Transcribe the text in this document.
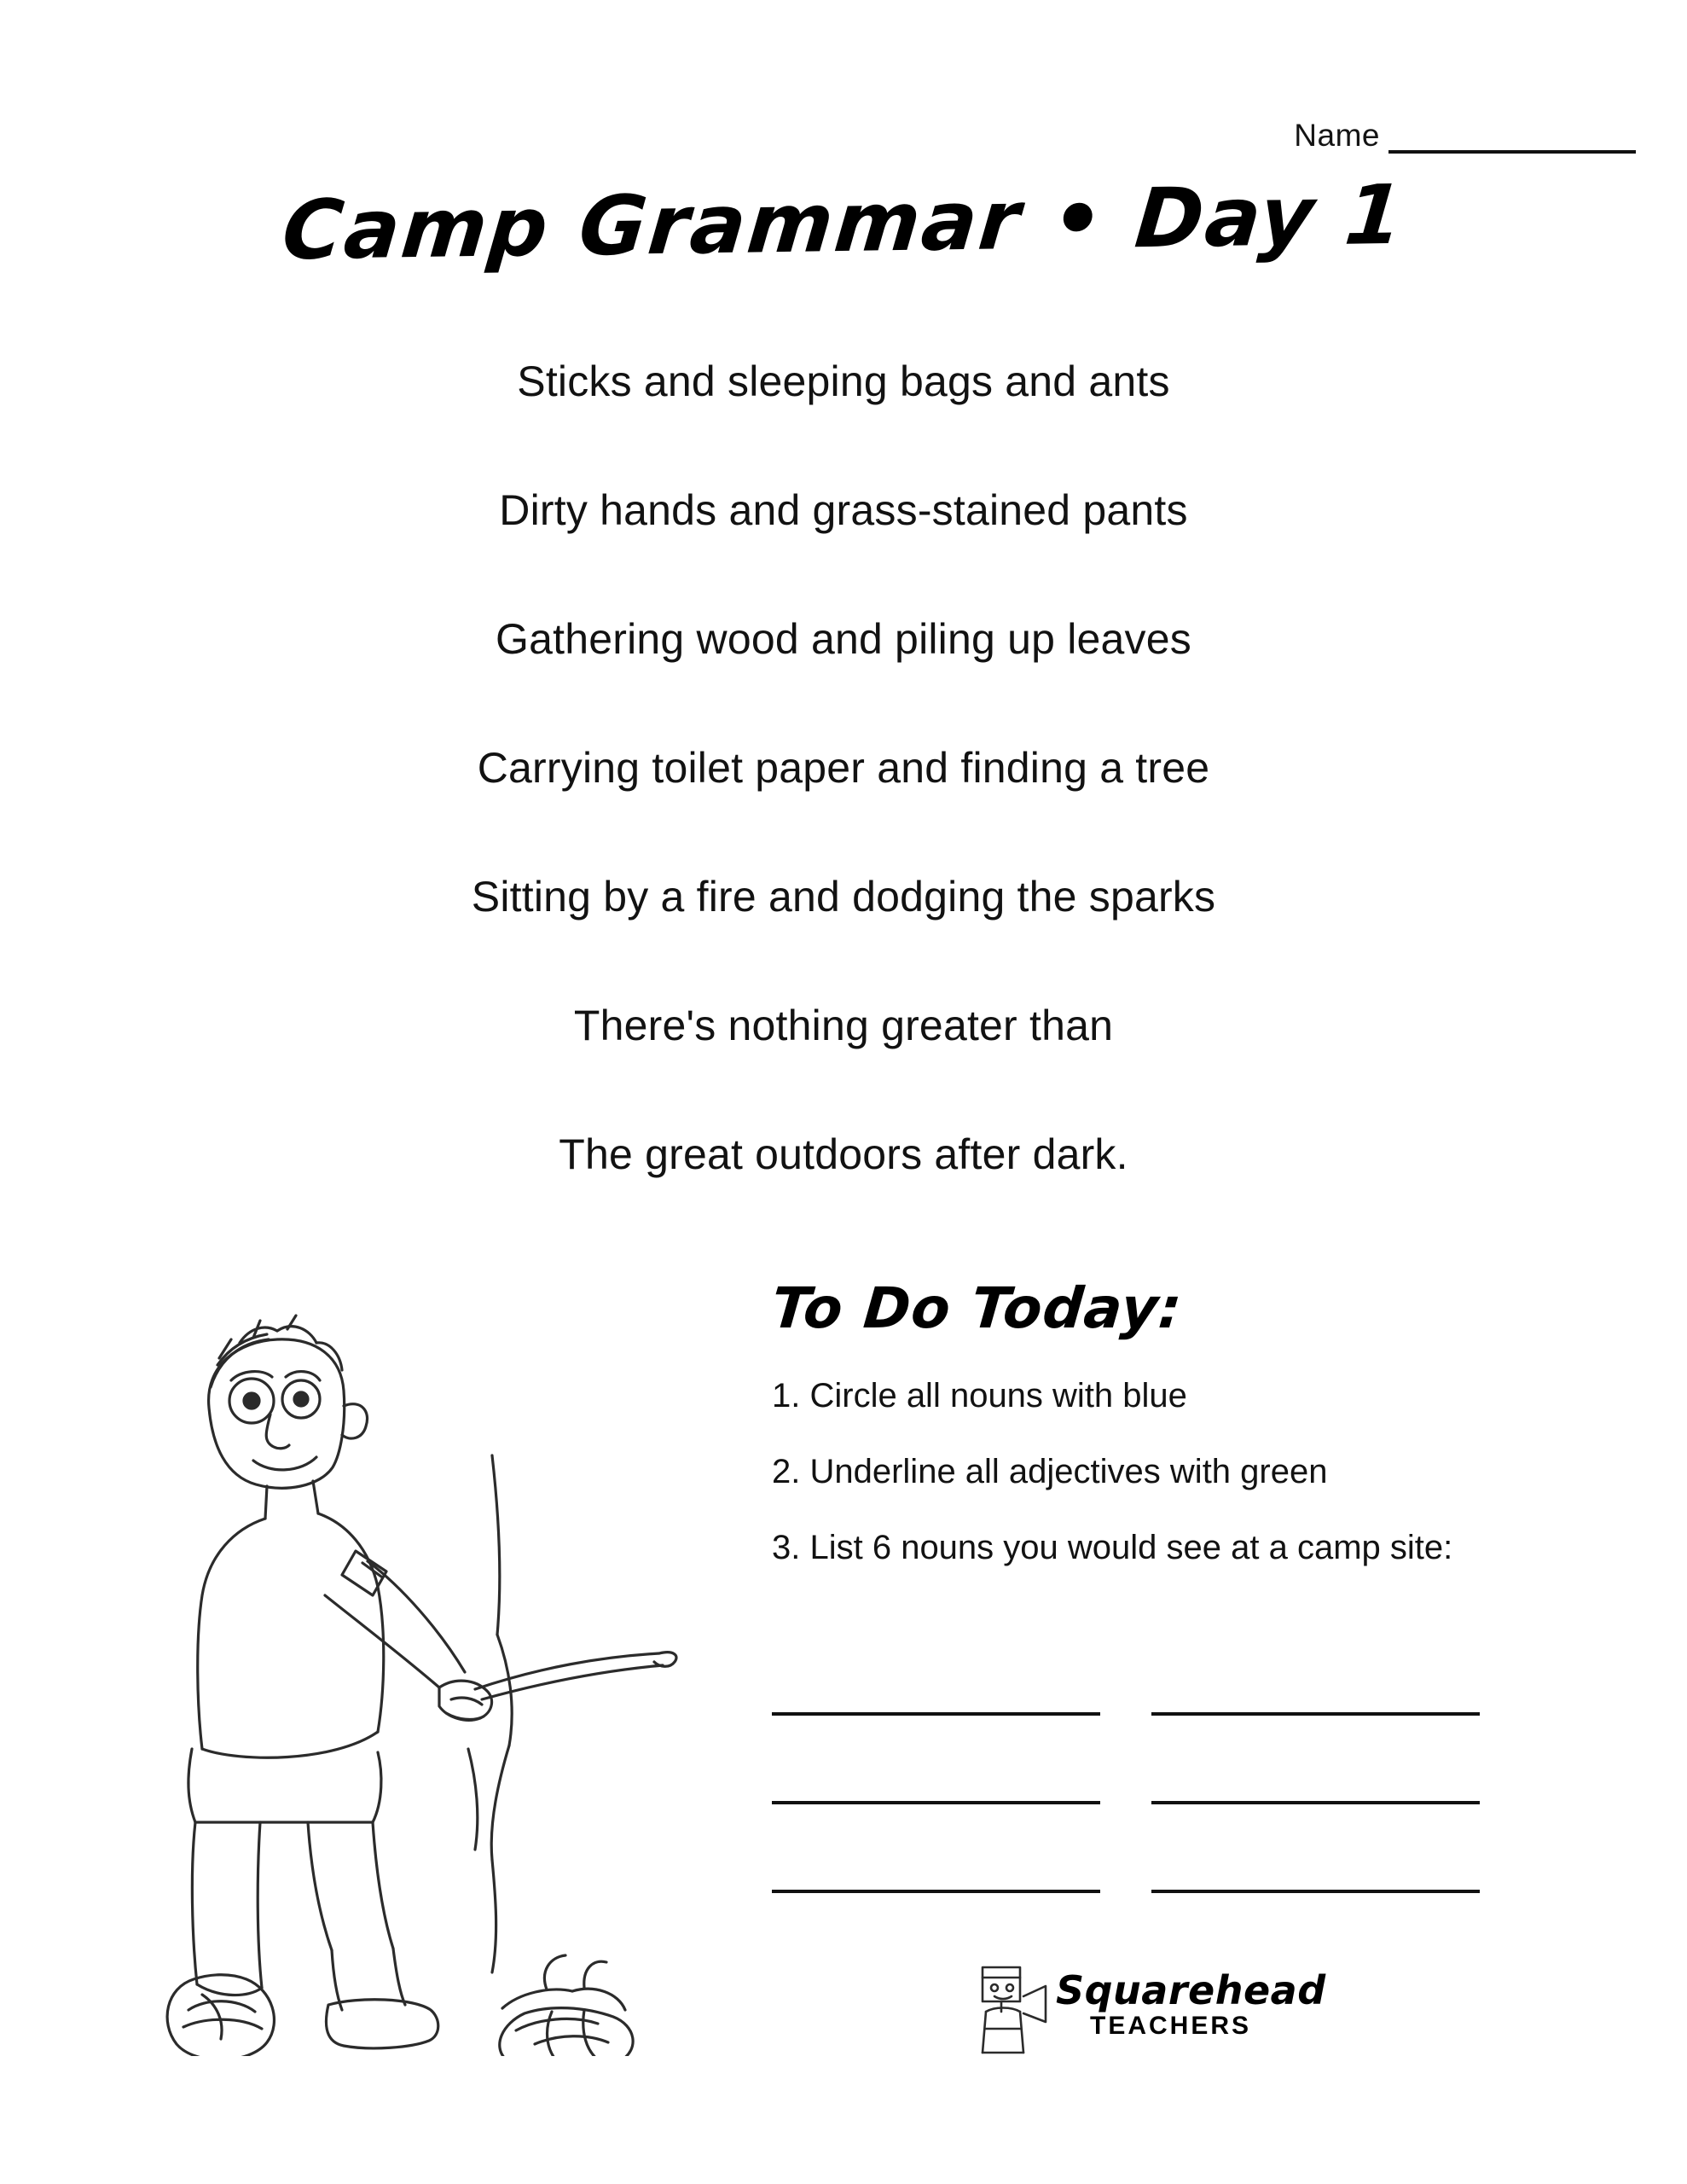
Name
Camp Grammar • Day 1
Sticks and sleeping bags and ants
Dirty hands and grass-stained pants
Gathering wood and piling up leaves
Carrying toilet paper and finding a tree
Sitting by a fire and dodging the sparks
There's nothing greater than
The great outdoors after dark.
To Do Today:
1. Circle all nouns with blue
2. Underline all adjectives with green
3. List 6 nouns you would see at a camp site:
Squarehead
TEACHERS
